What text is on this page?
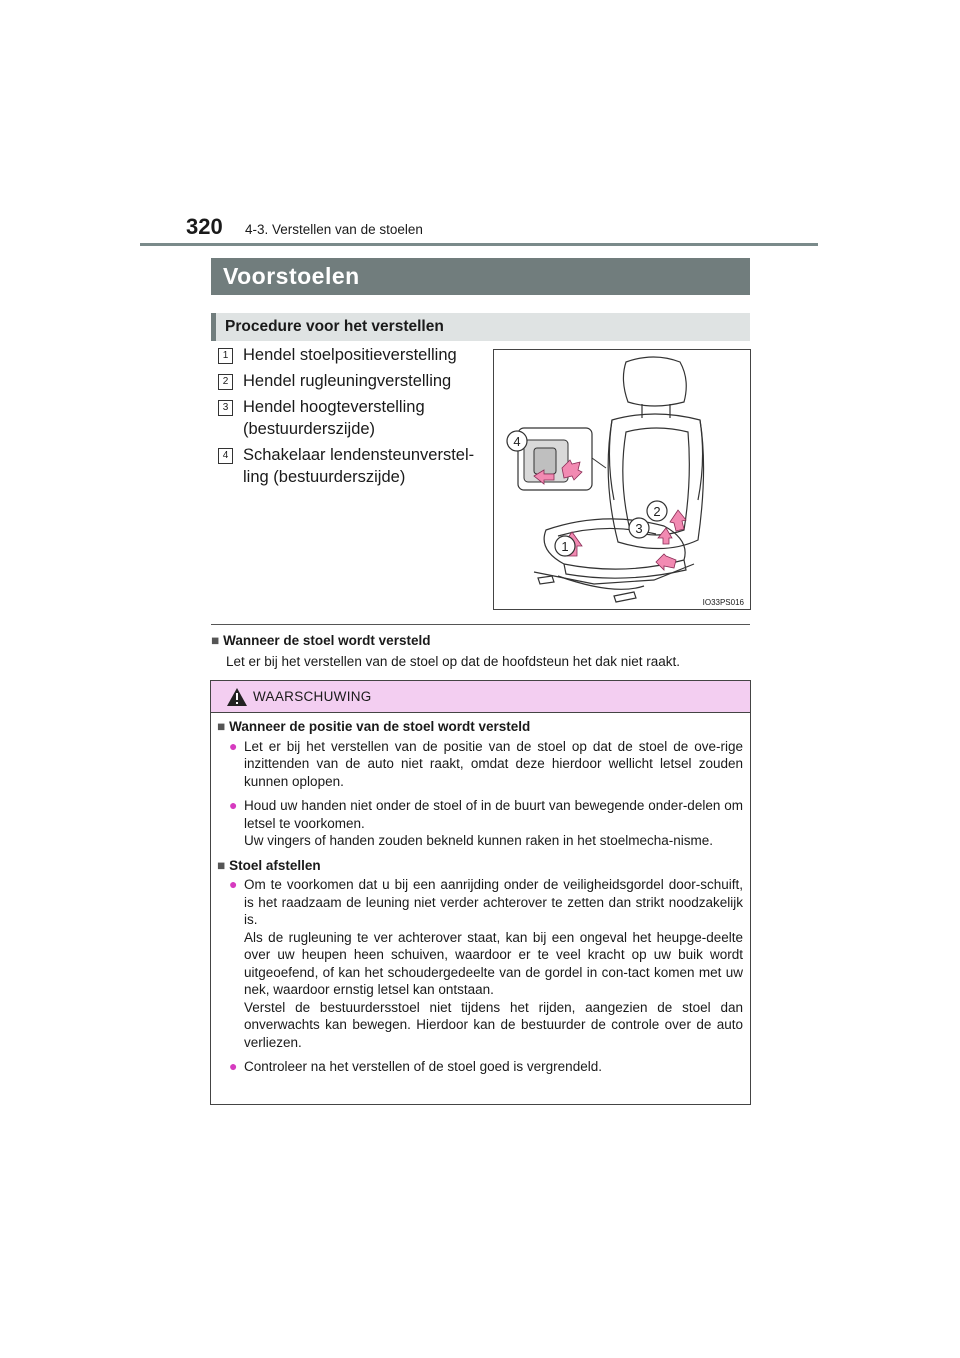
320 4-3. Verstellen van de stoelen
Voorstoelen
Procedure voor het verstellen
1 Hendel stoelpositieverstelling
2 Hendel rugleuningverstelling
3 Hendel hoogteverstelling (bestuurderszijde)
4 Schakelaar lendensteunverstel-ling (bestuurderszijde)
4
2
3
1
IO33PS016
■ Wanneer de stoel wordt versteld
Let er bij het verstellen van de stoel op dat de hoofdsteun het dak niet raakt.
WAARSCHUWING
■ Wanneer de positie van de stoel wordt versteld
● Let er bij het verstellen van de positie van de stoel op dat de stoel de ove-rige inzittenden van de auto niet raakt, omdat deze hierdoor wellicht letsel zouden kunnen oplopen.

● Houd uw handen niet onder de stoel of in de buurt van bewegende onder-delen om letsel te voorkomen.

Uw vingers of handen zouden bekneld kunnen raken in het stoelmecha-nisme.

■ Stoel afstellen
● Om te voorkomen dat u bij een aanrijding onder de veiligheidsgordel door-schuift, is het raadzaam de leuning niet verder achterover te zetten dan strikt noodzakelijk is.

Als de rugleuning te ver achterover staat, kan bij een ongeval het heupge-deelte over uw heupen heen schuiven, waardoor er te veel kracht op uw buik wordt uitgeoefend, of kan het schoudergedeelte van de gordel in con-tact komen met uw nek, waardoor ernstig letsel kan ontstaan.

Verstel de bestuurdersstoel niet tijdens het rijden, aangezien de stoel dan onverwachts kan bewegen. Hierdoor kan de bestuurder de controle over de auto verliezen.

● Controleer na het verstellen of de stoel goed is vergrendeld.
